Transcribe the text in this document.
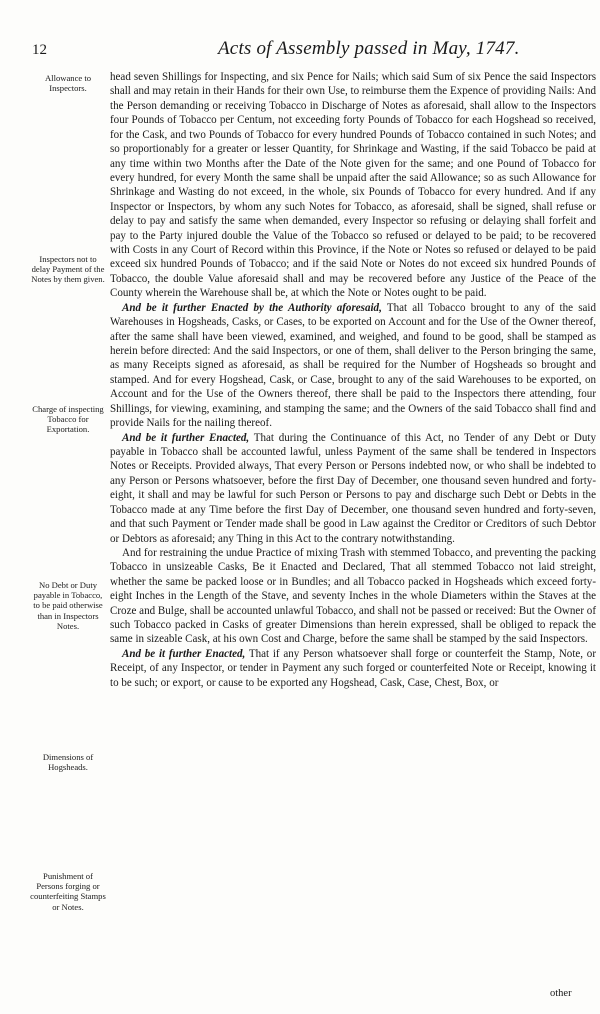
12	Acts of Assembly passed in May, 1747.
Allowance to Inspectors.
Inspectors not to delay Payment of the Notes by them given.
Charge of inspecting Tobacco for Exportation.
No Debt or Duty payable in Tobacco, to be paid otherwise than in Inspectors Notes.
Dimensions of Hogsheads.
Punishment of Persons forging or counterfeiting Stamps or Notes.

head seven Shillings for Inspecting, and six Pence for Nails; which said Sum of six Pence the said Inspectors shall and may retain in their Hands for their own Use, to reimburse them the Expence of providing Nails: And the Person demanding or receiving Tobacco in Discharge of Notes as aforesaid, shall allow to the Inspectors four Pounds of Tobacco per Centum, not exceeding forty Pounds of Tobacco for each Hogshead so received, for the Cask, and two Pounds of Tobacco for every hundred Pounds of Tobacco contained in such Notes; and so proportionably for a greater or lesser Quantity, for Shrinkage and Wasting, if the said Tobacco be paid at any time within two Months after the Date of the Note given for the same; and one Pound of Tobacco for every hundred, for every Month the same shall be unpaid after the said Allowance; so as such Allowance for Shrinkage and Wasting do not exceed, in the whole, six Pounds of Tobacco for every hundred. And if any Inspector or Inspectors, by whom any such Notes for Tobacco, as aforesaid, shall be signed, shall refuse or delay to pay and satisfy the same when demanded, every Inspector so refusing or delaying shall forfeit and pay to the Party injured double the Value of the Tobacco so refused or delayed to be paid; to be recovered with Costs in any Court of Record within this Province, if the Note or Notes so refused or delayed to be paid exceed six hundred Pounds of Tobacco; and if the said Note or Notes do not exceed six hundred Pounds of Tobacco, the double Value aforesaid shall and may be recovered before any Justice of the Peace of the County wherein the Warehouse shall be, at which the Note or Notes ought to be paid.

And be it further Enacted by the Authority aforesaid, That all Tobacco brought to any of the said Warehouses in Hogsheads, Casks, or Cases, to be exported on Account and for the Use of the Owner thereof, after the same shall have been viewed, examined, and weighed, and found to be good, shall be stamped as herein before directed: And the said Inspectors, or one of them, shall deliver to the Person bringing the same, as many Receipts signed as aforesaid, as shall be required for the Number of Hogsheads so brought and stamped. And for every Hogshead, Cask, or Case, brought to any of the said Warehouses to be exported, on Account and for the Use of the Owners thereof, there shall be paid to the Inspectors there attending, four Shillings, for viewing, examining, and stamping the same; and the Owners of the said Tobacco shall find and provide Nails for the nailing thereof.

And be it further Enacted, That during the Continuance of this Act, no Tender of any Debt or Duty payable in Tobacco shall be accounted lawful, unless Payment of the same shall be tendered in Inspectors Notes or Receipts. Provided always, That every Person or Persons indebted now, or who shall be indebted to any Person or Persons whatsoever, before the first Day of December, one thousand seven hundred and forty-eight, it shall and may be lawful for such Person or Persons to pay and discharge such Debt or Debts in the Tobacco made at any Time before the first Day of December, one thousand seven hundred and forty-seven, and that such Payment or Tender made shall be good in Law against the Creditor or Creditors of such Debtor or Debtors as aforesaid; any Thing in this Act to the contrary notwithstanding.

And for restraining the undue Practice of mixing Trash with stemmed Tobacco, and preventing the packing Tobacco in unsizeable Casks, Be it Enacted and Declared, That all stemmed Tobacco not laid streight, whether the same be packed loose or in Bundles; and all Tobacco packed in Hogsheads which exceed forty-eight Inches in the Length of the Stave, and seventy Inches in the whole Diameters within the Staves at the Croze and Bulge, shall be accounted unlawful Tobacco, and shall not be passed or received: But the Owner of such Tobacco packed in Casks of greater Dimensions than herein expressed, shall be obliged to repack the same in sizeable Cask, at his own Cost and Charge, before the same shall be stamped by the said Inspectors.

And be it further Enacted, That if any Person whatsoever shall forge or counterfeit the Stamp, Note, or Receipt, of any Inspector, or tender in Payment any such forged or counterfeited Note or Receipt, knowing it to be such; or export, or cause to be exported any Hogshead, Cask, Case, Chest, Box, or

other
